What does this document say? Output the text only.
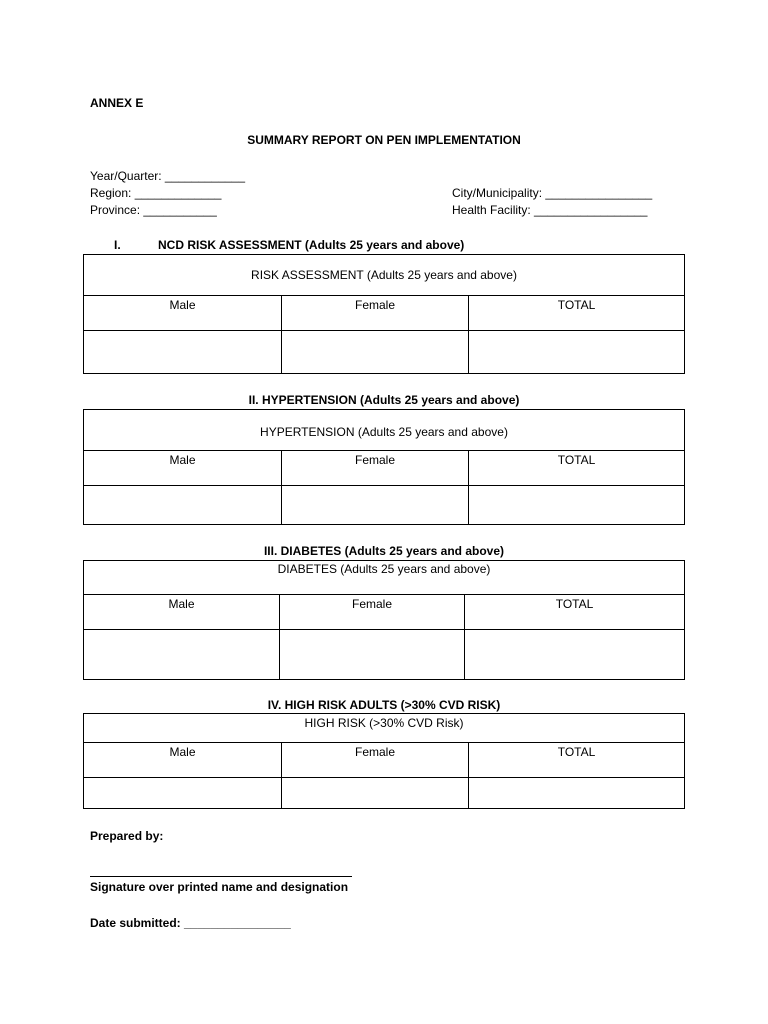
ANNEX E
SUMMARY REPORT ON PEN IMPLEMENTATION
Year/Quarter: ____________
Region: _____________
Province: ___________
City/Municipality: ________________
Health Facility: _________________
I.	NCD RISK ASSESSMENT (Adults 25 years and above)
RISK ASSESSMENT (Adults 25 years and above)
Male	Female	TOTAL
II. HYPERTENSION (Adults 25 years and above)
HYPERTENSION (Adults 25 years and above)
Male	Female	TOTAL
III. DIABETES (Adults 25 years and above)
DIABETES (Adults 25 years and above)
Male	Female	TOTAL
IV. HIGH RISK ADULTS (>30% CVD RISK)
HIGH RISK (>30% CVD Risk)
Male	Female	TOTAL
Prepared by:
Signature over printed name and designation
Date submitted: ________________
